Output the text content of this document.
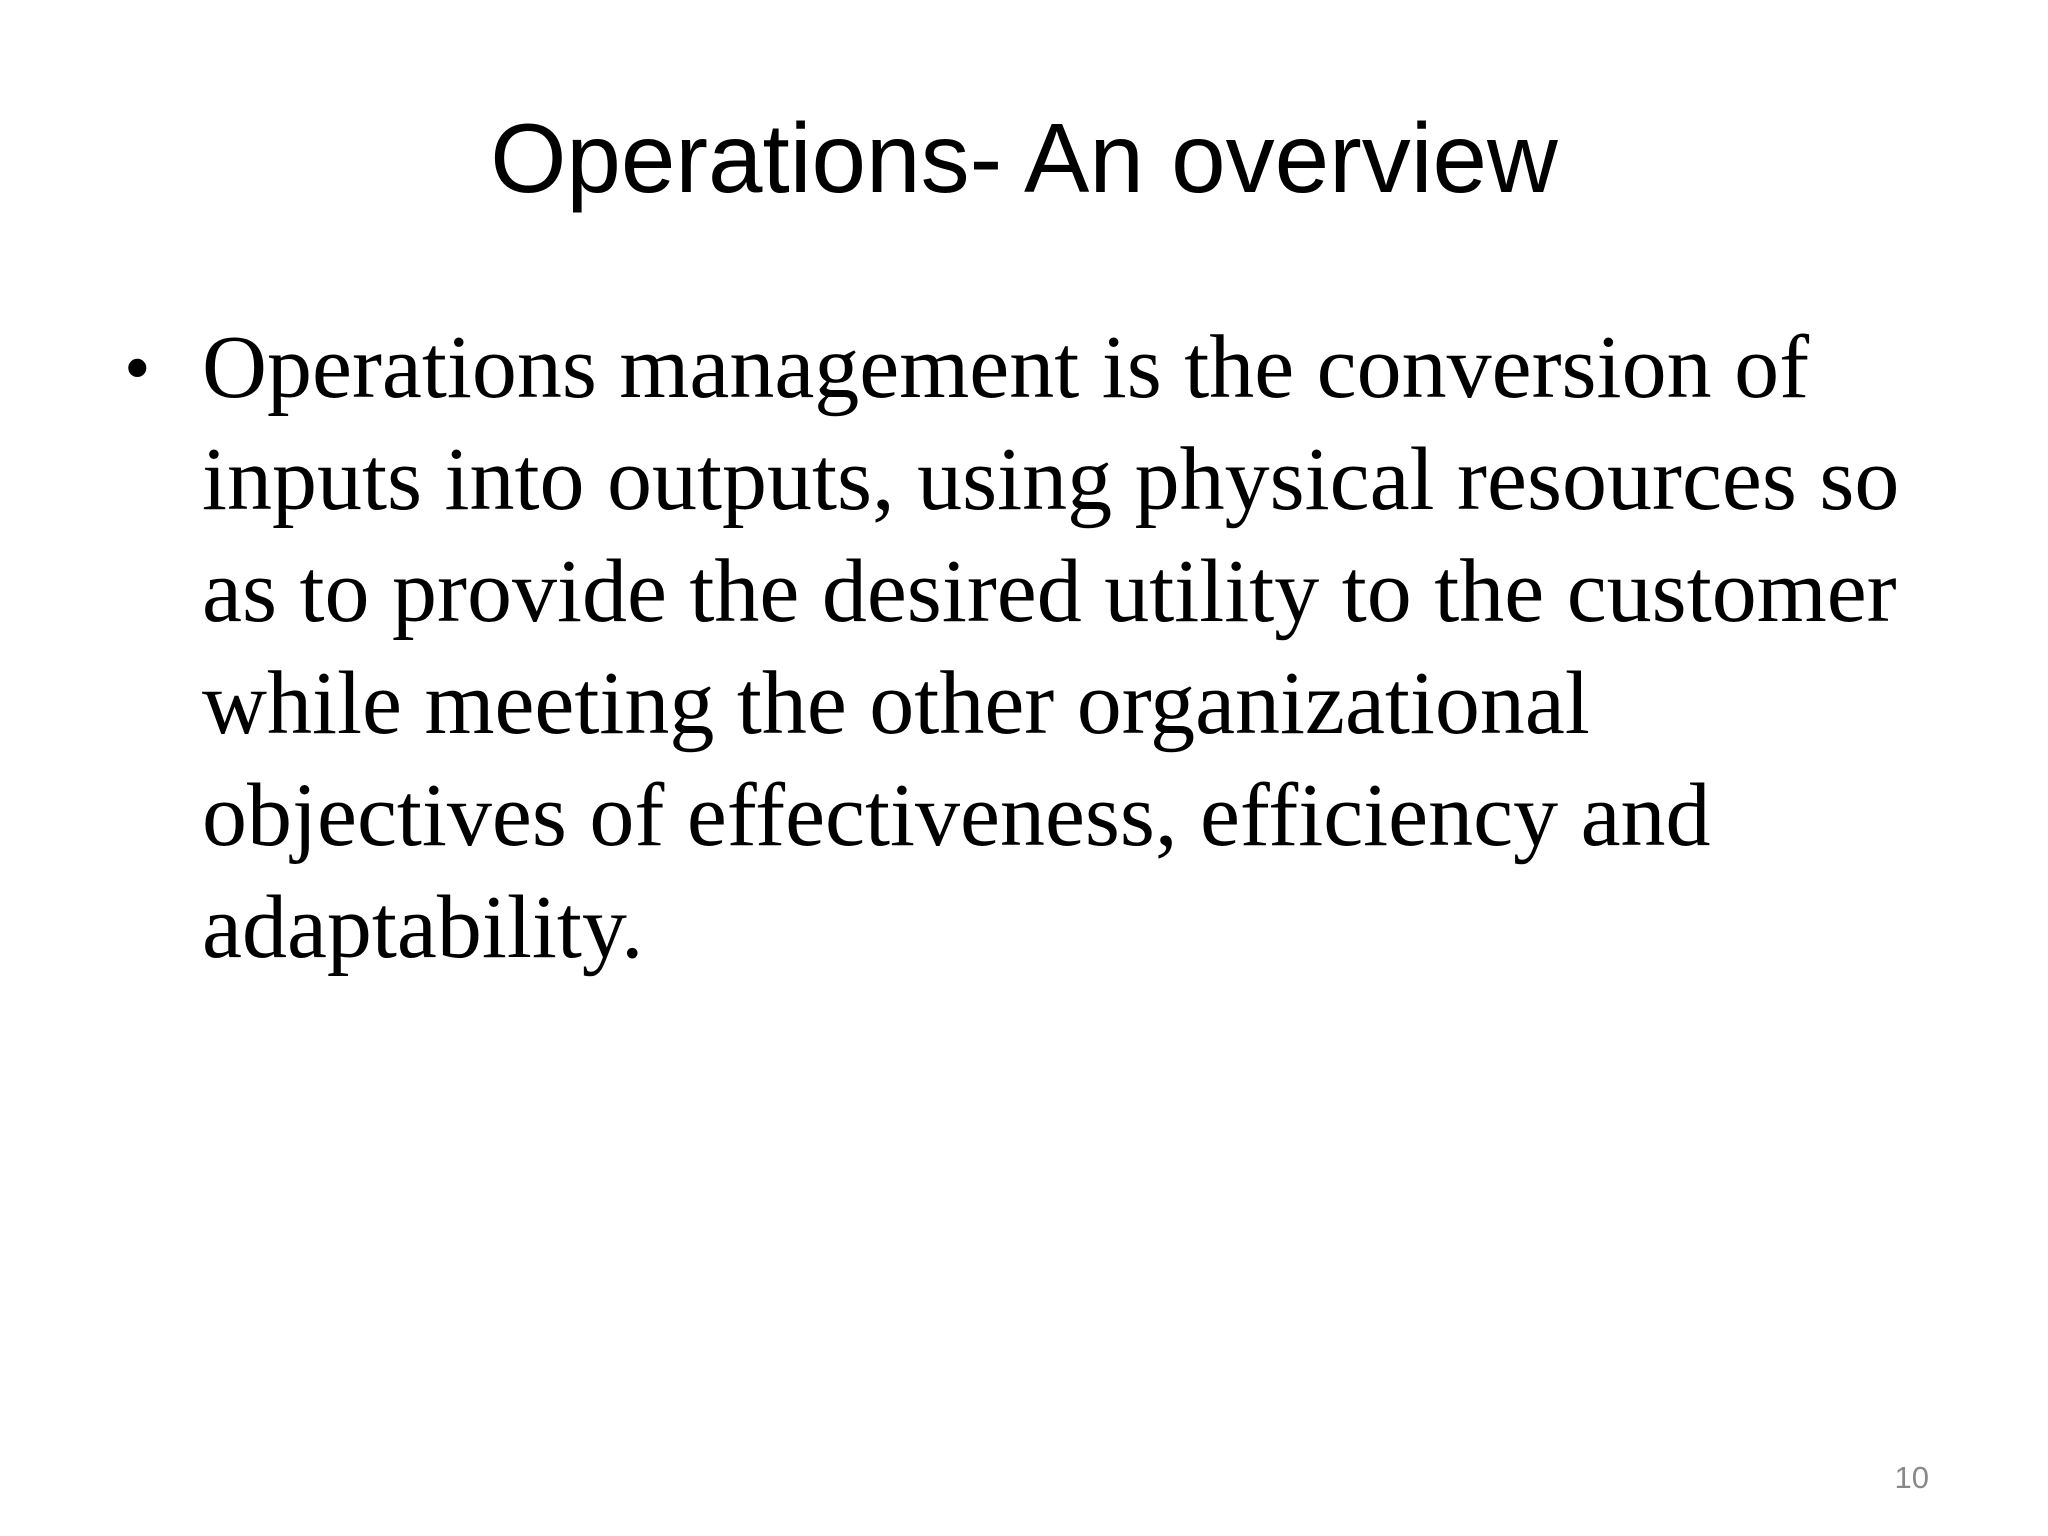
Operations- An overview
• Operations management is the conversion of
inputs into outputs, using physical resources so
as to provide the desired utility to the customer
while meeting the other organizational
objectives of effectiveness, efficiency and
adaptability.
10
